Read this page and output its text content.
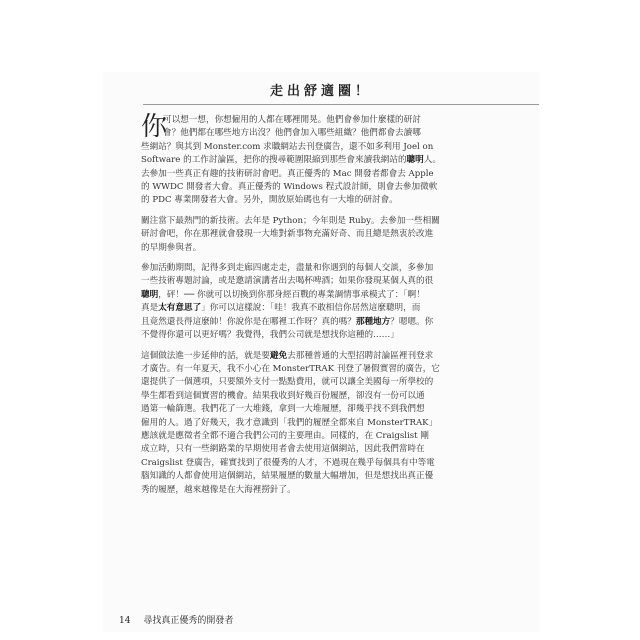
走出舒適圈！
你
可以想一想，你想僱用的人都在哪裡閒晃。他們會參加什麼樣的研討
會？他們都在哪些地方出沒？他們會加入哪些組織？他們都會去讀哪
些網站？與其到 Monster.com 求職網站去刊登廣告，還不如多利用 Joel on
Software 的工作討論區，把你的搜尋範圍限縮到那些會來讀我網站的聰明人。
去參加一些真正有趣的技術研討會吧。真正優秀的 Mac 開發者都會去 Apple
的 WWDC 開發者大會。真正優秀的 Windows 程式設計師，則會去參加微軟
的 PDC 專業開發者大會。另外，開放原始碼也有一大堆的研討會。
關注當下最熱門的新技術。去年是 Python；今年則是 Ruby。去參加一些相關
研討會吧，你在那裡就會發現一大堆對新事物充滿好奇、而且總是熱衷於改進
的早期參與者。
參加活動期間，記得多到走廊四處走走，盡量和你遇到的每個人交談，多參加
一些技術專題討論，或是邀請演講者出去喝杯啤酒；如果你發現某個人真的很
聰明，砰！── 你就可以切換到你那身經百戰的專業調情事承模式了：「啊！
真是太有意思了」你可以這樣說：「哇！我真不敢相信你居然這麼聰明，而
且竟然還長得這麼帥！你說你是在哪裡工作呀？真的嗎？那種地方？嗯嗯。你
不覺得你還可以更好嗎？我覺得，我們公司就是想找你這種的……」
這個做法進一步延伸的話，就是要避免去那種普通的大型招聘討論區裡刊登求
才廣告。有一年夏天，我不小心在 MonsterTRAK 刊登了暑假實習的廣告，它
還提供了一個選項，只要額外支付一點點費用，就可以讓全美國每一所學校的
學生都看到這個實習的機會。結果我收到好幾百份履歷，卻沒有一份可以通
過第一輪篩選。我們花了一大堆錢，拿到一大堆履歷，卻幾乎找不到我們想
僱用的人。過了好幾天，我才意識到「我們的履歷全都來自 MonsterTRAK」
應該就是應徵者全都不適合我們公司的主要理由。同樣的，在 Craigslist 剛
成立時，只有一些網路業的早期使用者會去使用這個網站，因此我們當時在
Craigslist 登廣告，確實找到了很優秀的人才，不過現在幾乎每個具有中等電
腦知識的人都會使用這個網站，結果履歷的數量大幅增加，但是想找出真正優
秀的履歷，越來越像是在大海裡撈針了。
14 尋找真正優秀的開發者
